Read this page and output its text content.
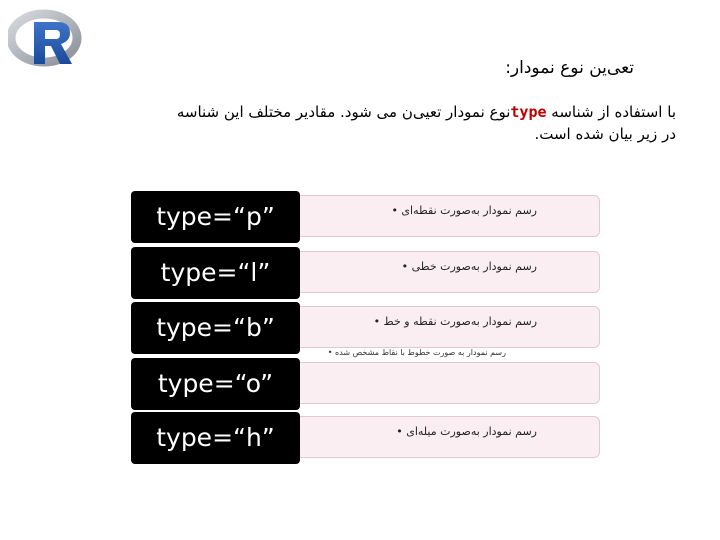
تعی‌ین نوع نمودار:
با استفاده از شناسه typeنوع نمودار تعیی‌ن می شود. مقادیر مختلف این شناسه
در زیر بیان شده است.
رسم نمودار به‌صورت نقطه‌ای •
type=“p”
رسم نمودار به‌صورت خطی •
type=“l”
رسم نمودار به‌صورت نقطه و خط •
type=“b”
رسم نمودار به صورت خطوط با نقاط مشخص شده •
type=“o”
رسم نمودار به‌صورت میله‌ای •
type=“h”
